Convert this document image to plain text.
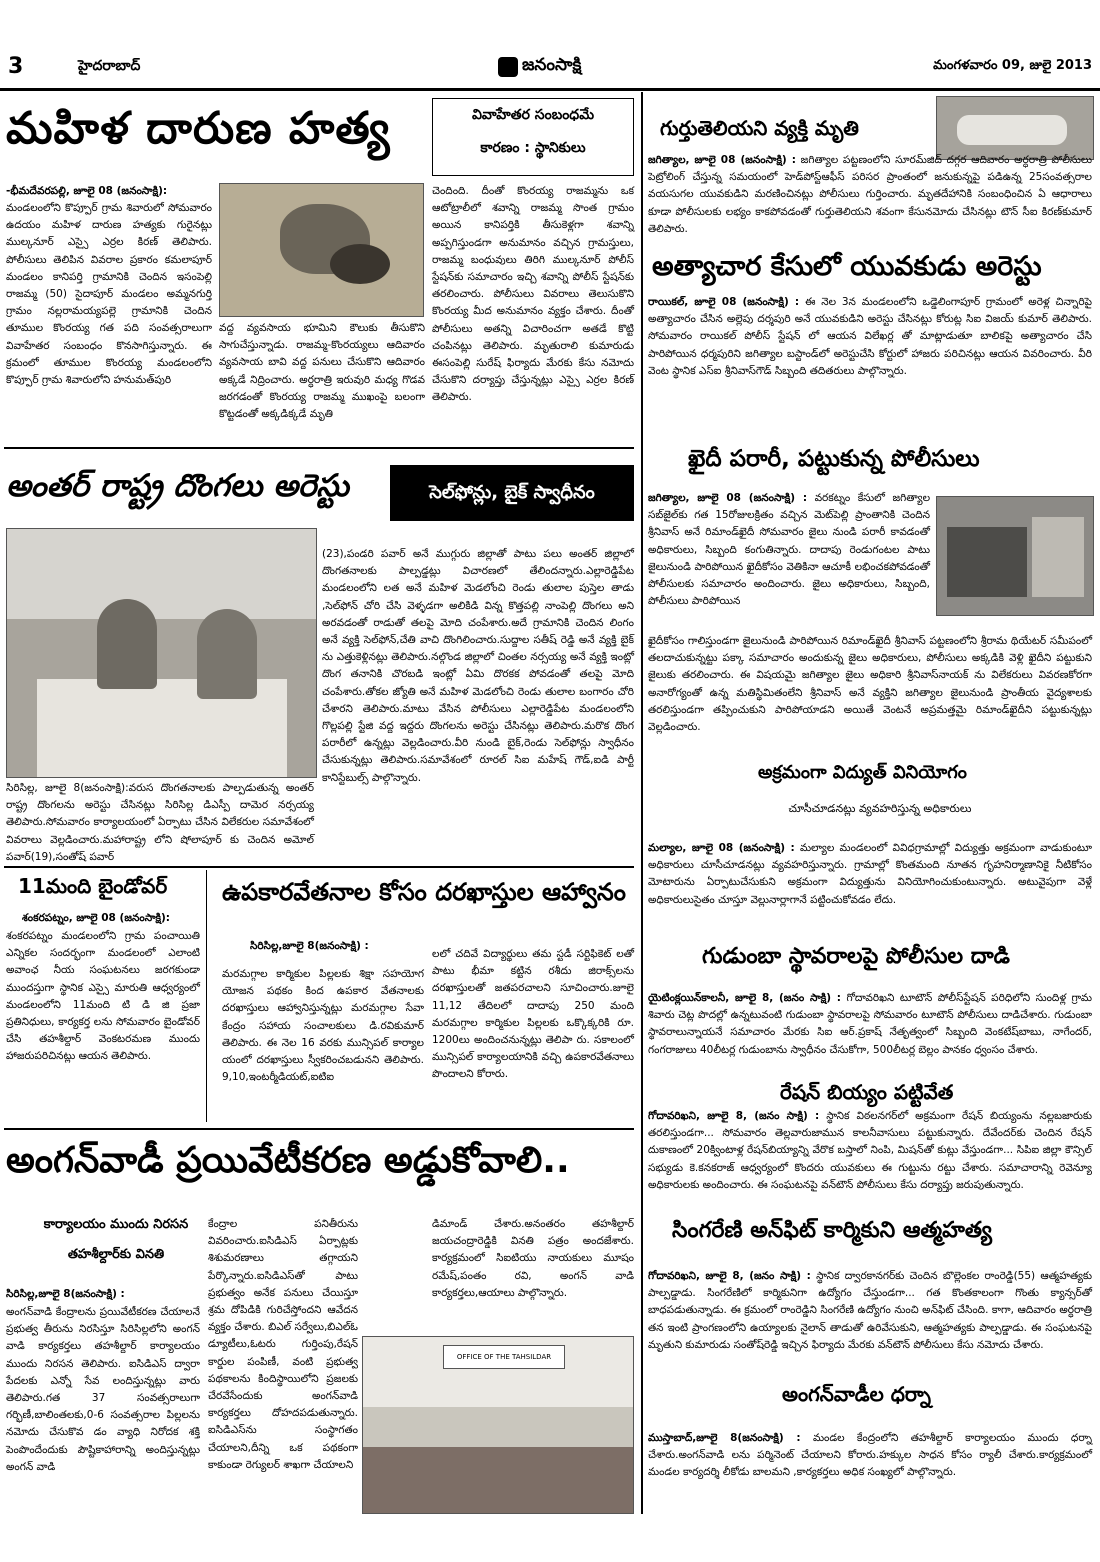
3	హైదరాబాద్	జనంసాక్షి	మంగళవారం 09, జులై 2013
మహిళ దారుణ హత్య	వివాహేతర సంబంధమే
కారణం : స్థానికులు
-భీమదేవరపల్లి, జూలై 08 (జనంసాక్షి):
మండలంలోని కొప్పూర్ గ్రామ శివారులో సోమవారం ఉదయం మహిళ దారుణ హత్యకు గురైనట్లు ముల్కనూర్ ఎస్సై ఎర్రల కిరణ్ తెలిపారు. పోలీసులు తెలిపిన వివరాల ప్రకారం కమలాపూర్ మండలం కానిపర్తి గ్రామానికి చెందిన ఇసంపెల్లి రాజమ్మ (50) సైదాపూర్ మండలం అమ్మనగుర్తి గ్రామం నల్లరామయ్యపల్లె గ్రామానికి చెందిన తూముల కొంరయ్య గత పది సంవత్సరాలుగా వివాహేతర సంబంధం కొనసాగిస్తున్నారు. ఈ క్రమంలో తూముల కొంరయ్య మండలంలోని కొప్పూర్ గ్రామ శివారులోని హనుమత్‌పురి
వద్ద వ్యవసాయ భూమిని కౌలుకు తీసుకొని సాగుచేస్తున్నాడు. రాజమ్మ-కొంరయ్యలు ఆదివారం వ్యవసాయ బావి వద్ద పనులు చేసుకొని ఆదివారం అక్కడే నిద్రించారు. అర్ధరాత్రి ఇరువురి మధ్య గొడవ జరగడంతో కొంరయ్య రాజమ్మ ముఖంపై బలంగా కొట్టడంతో అక్కడిక్కడే మృతి
చెందింది. దీంతో కొంరయ్య రాజమ్మను ఒక ఆటోట్రాలీలో శవాన్ని రాజమ్మ సొంత గ్రామం అయిన కానిపర్తికి తీసుకెళ్లగా శవాన్ని అప్పగిస్తుండగా అనుమానం వచ్చిన గ్రామస్తులు, రాజమ్మ బంధువులు తిరిగి ముల్కనూర్ పోలీస్ స్టేషన్‌కు సమాచారం ఇచ్చి శవాన్ని పోలీస్ స్టేషన్‌కు తరలించారు. పోలీసులు వివరాలు తెలుసుకొని కొంరయ్య మీద అనుమానం వ్యక్తం చేశారు. దీంతో పోలీసులు అతన్ని విచారించగా అతడే కొట్టి చంపినట్లు తెలిపారు. మృతురాలి కుమారుడు ఈసంపెల్లి సురేష్ ఫిర్యాదు మేరకు కేసు నమోదు చేసుకొని దర్యాప్తు చేస్తున్నట్లు ఎస్సై ఎర్రల కిరణ్ తెలిపారు.
అంతర్ రాష్ట్ర దొంగలు అరెస్టు	సెల్‌ఫోన్లు, బైక్ స్వాధీనం
(23),పండరి పవార్ అనే ముగ్గురు జిల్లాతో పాటు పలు అంతర్ జిల్లాలో దొంగతనాలకు పాల్పడ్డట్లు విచారణలో తేలిందన్నారు.ఎల్లారెడ్డిపేట మండలంలోని లత అనే మహిళ మెడలోంచి రెండు తులాల పుస్తెల తాడు ,సెల్‌ఫోన్ చోరి చేసి వెళ్ళడగా అలికిడి విన్న కొత్తపల్లి నాంపెల్లి దొంగలు అని అరవడంతో రాడుతో తలపై మోది చంపేశారు.అదే గ్రామానికి చెందిన లింగం అనే వ్యక్తి సెల్‌ఫోన్,చేతి వాచి దొంగిలించారు.సుద్దాల సతీష్ రెడ్డి అనే వ్యక్తి బైక్ ను ఎత్తుకెళ్లినట్లు తెలిపారు.నల్గొండ జిల్లాలో చింతల నర్సయ్య అనే వ్యక్తి ఇంట్లో దొంగ తనానికి చొరబడి ఇంట్లో ఏమి దొరకక పోవడంతో తలపై మోది చంపేశారు.తోకల జ్యోతి అనే మహిళ మెడలోంచి రెండు తులాల బంగారం చోరి చేశారని తెలిపారు.మాటు వేసిన పోలీసులు ఎల్లారెడ్డిపేట మండలంలోని గొల్లపల్లి స్టేజి వద్ద ఇద్దరు దొంగలను అరెస్టు చేసినట్లు తెలిపారు.మరొక దొంగ పరారీలో ఉన్నట్లు వెల్లడించారు.వీరి నుండి బైక్,రెండు సెల్‌ఫోన్లు స్వాధీనం చేసుకున్నట్లు తెలిపారు.సమావేశంలో రూరల్ సిఐ మహేష్ గౌడ్,ఐడి పార్టీ కానిస్టేబుల్స్ పాల్గొన్నారు.
సిరిసిల్ల, జూలై 8(జనంసాక్షి):వరుస దొంగతనాలకు పాల్పడుతున్న అంతర్ రాష్ట్ర దొంగలను అరెస్టు చేసినట్లు సిరిసిల్ల డిఎస్పీ దామెర నర్సయ్య తెలిపారు.సోమవారం కార్యాలయంలో ఏర్పాటు చేసిన విలేకరుల సమావేశంలో వివరాలు వెల్లడించారు.మహారాష్ట్ర లోని షోలాపూర్ కు చెందిన అమోల్ పవార్(19),సంతోష్ పవార్
11మంది బైండోవర్
శంకరపట్నం, జూలై 08 (జనంసాక్షి):
శంకరపట్నం మండలంలోని గ్రామ పంచాయితి ఎన్నికల సందర్భంగా మండలంలో ఎలాంటి అవాంఛ నీయ సంఘటనలు జరగకుండా ముందస్తుగా స్థానిక ఎస్సై మారుతి ఆధ్వర్యంలో మండలంలోని 11మంది టి డి జి ప్రజా ప్రతినిధులు, కార్యకర్త లను సోమవారం బైండోవర్ చేసి తహశీల్దార్ వెంకటరమణ ముందు హాజరుపరిచినట్లు ఆయన తెలిపారు.
ఉపకారవేతనాల కోసం దరఖాస్తుల ఆహ్వానం
సిరిసిల్ల,జూలై 8(జనంసాక్షి) :
మరమగ్గాల కార్మికుల పిల్లలకు శిక్షా సహయోగ యోజన పథకం కింద ఉపకార వేతనాలకు దరఖాస్తులు ఆహ్వానిస్తున్నట్లు మరమగ్గాల సేవా కేంద్రం సహాయ సంచాలకులు డి.రవికుమార్ తెలిపారు. ఈ నెల 16 వరకు మున్సిపల్ కార్యాల యంలో దరఖాస్తులు స్వీకరించబడునని తెలిపారు. 9,10,ఇంటర్మీడియట్,ఐటిఐ
లలో చదివే విద్యార్థులు తమ స్టడీ సర్టిఫికెట్ లతో పాటు భీమా కట్టిన రశీదు జిరాక్స్‌లను దరఖాస్తులతో జతపరచాలని సూచించారు.జూలై 11,12 తేదిలలో దాదాపు 250 మంది మరమగ్గాల కార్మికుల పిల్లలకు ఒక్కొక్కరికి రూ. 1200లు అందించనున్నట్లు తెలిపా రు. సకాలంలో మున్సిపల్ కార్యాలయానికి వచ్చి ఉపకారవేతనాలు పొందాలని కోరారు.
అంగన్‌వాడీ ప్రయివేటీకరణ అడ్డుకోవాలి..
కార్యాలయం ముందు నిరసన
తహశీల్దార్‌కు వినతి
సిరిసిల్ల,జూలై 8(జనంసాక్షి) :
అంగన్‌వాడి కేంద్రాలను ప్రయివేటీకరణ చేయాలనే ప్రభుత్వ తీరును నిరసిస్తూ సిరిసిల్లలోని అంగన్ వాడి కార్యకర్తలు తహశీల్దార్ కార్యాలయం ముందు నిరసన తెలిపారు. ఐసిడిఎస్ ద్వారా పేదలకు ఎన్నో సేవ లందిస్తున్నట్లు వారు తెలిపారు.గత 37 సంవత్సరాలుగా గర్భిణీ,బాలింతలకు,0-6 సంవత్సరాల పిల్లలను నమోదు చేసుకొవ డం వ్యాధి నిరోదక శక్తి పెంపొందేందుకు పౌష్టికాహారాన్ని అందిస్తున్నట్లు అంగన్ వాడి
కేంద్రాల పనితీరును వివరించారు.ఐసిడిఎస్ ఏర్పాట్లకు శిశుమరణాలు తగ్గాయని పేర్కొన్నారు.ఐసిడిఎస్‌తో పాటు ప్రభుత్వం అనేక పనులు చేయిస్తూ శ్రమ దోపిడికి గురిచేస్తోందని ఆవేదన వ్యక్తం చేశారు. బిఎల్ సర్వేలు,బిఎల్‌ఓ డ్యూటీలు,ఓటరు గుర్తింపు,రేషన్ కార్డుల పంపిణీ, వంటి ప్రభుత్వ పథకాలను కిందిస్థాయిలోని ప్రజలకు చేరవేసేందుకు అంగన్‌వాడి కార్యకర్తలు దోహదపడుతున్నారు. ఐసిడిఎస్‌ను సంస్థాగతం చేయాలని,దీన్ని ఒక పథకంగా కాకుండా రెగ్యులర్ శాఖగా చేయాలని
డిమాండ్ చేశారు.అనంతరం తహశీల్దార్ జయచంద్రారెడ్డికి వినతి పత్రం అందజేశారు. కార్యక్రమంలో సిఐటియు నాయకులు మూషం రమేష్,పంతం రవి, అంగన్ వాడి కార్యకర్తలు,ఆయాలు పాల్గొన్నారు.
OFFICE OF THE TAHSILDAR
గుర్తుతెలియని వ్యక్తి మృతి
జగిత్యాల, జూలై 08 (జనంసాక్షి) : జగిత్యాల పట్టణంలోని సూరమ్‌జిద్ దగ్గర ఆదివారం అర్ధరాత్రి పోలీసులు పెట్రోలింగ్ చేస్తున్న సమయంలో హెడ్‌పోస్ట్‌ఆఫీస్ పరిసర ప్రాంతంలో జనుకున్నపై పడిఉన్న 25సంవత్సరాల వయసుగల యువకుడిని మరణించినట్లు పోలీసులు గుర్తించారు. మృతదేహానికి సంబంధించిన ఏ ఆధారాలు కూడా పోలీసులకు లభ్యం కాకపోవడంతో గుర్తుతెలియని శవంగా కేసునమోదు చేసినట్లు టౌన్ సీఐ కిరణ్‌కుమార్ తెలిపారు.
అత్యాచార కేసులో యువకుడు అరెస్టు
రాయికల్, జూలై 08 (జనంసాక్షి) : ఈ నెల 3న మండలంలోని ఒడ్డెలింగాపూర్ గ్రామంలో అరెళ్ల చిన్నారిపై అత్యాచారం చేసిన అల్లెపు దర్శపురి అనే యువకుడిని అరెస్టు చేసినట్లు కోరుట్ల సిఐ విజయ్ కుమార్ తెలిపారు. సోమవారం రాయికల్ పోలీస్ స్టేషన్ లో ఆయన విలేఖర్ల తో మాట్లాడుతూ బాలికపై అత్యాచారం చేసి పారిపోయిన ధర్మపురిని జగిత్యాల బస్టాండ్‌లో అరెస్టుచేసి కోర్టులో హాజరు పరిచినట్లు ఆయన వివరించారు. వీరి వెంట స్థానిక ఎస్ఐ శ్రీనివాస్‌గౌడ్ సిబ్బంది తదితరులు పాల్గొన్నారు.
ఖైదీ పరారీ, పట్టుకున్న పోలీసులు
జగిత్యాల, జూలై 08 (జనంసాక్షి) : వరకట్నం కేసులో జగిత్యాల సబ్‌జైల్‌కు గత 15రోజులక్రితం వచ్చిన మెట్‌పెల్లి ప్రాంతానికి చెందిన శ్రీనివాస్ అనే రిమాండ్‌ఖైదీ సోమవారం జైలు నుండి పరారీ కావడంతో అధికారులు, సిబ్బంది కంగుతిన్నారు. దాదాపు రెండుగంటల పాటు జైలునుండి పారిపోయిన ఖైదీకోసం వెతికినా ఆచూకీ లభించకపోవడంతో పోలీసులకు సమాచారం అందించారు. జైలు అధికారులు, సిబ్బంది, పోలీసులు పారిపోయిన
ఖైదీకోసం గాలిస్తుండగా జైలునుండి పారిపోయిన రిమాండ్‌ఖైదీ శ్రీనివాస్ పట్టణంలోని శ్రీరామ థియేటర్ సమీపంలో తలదాచుకున్నట్టు పక్కా సమాచారం అందుకున్న జైలు అధికారులు, పోలీసులు అక్కడికి వెళ్లి ఖైదీని పట్టుకుని జైలుకు తరలించారు. ఈ విషయమై జగిత్యాల జైలు అధికారి శ్రీనివాస్‌నాయక్ ను విలేకరులు వివరణకోరగా అనారోగ్యంతో ఉన్న మతిస్థిమితంలేని శ్రీనివాస్ అనే వ్యక్తిని జగిత్యాల జైలునుండి ప్రాంతీయ వైద్యశాలకు తరలిస్తుండగా తప్పించుకుని పారిపోయాడని అయితే వెంటనే అప్రమత్తమై రిమాండ్‌ఖైదీని పట్టుకున్నట్లు వెల్లడించారు.
అక్రమంగా విద్యుత్ వినియోగం
చూసీచూడనట్లు వ్యవహరిస్తున్న అధికారులు
మల్యాల, జూలై 08 (జనంసాక్షి) : మల్యాల మండలంలో వివిధగ్రామాల్లో విద్యుత్తు అక్రమంగా వాడుకుంటూ అధికారులు చూసీచూడనట్లు వ్యవహరిస్తున్నారు. గ్రామాల్లో కొంతమంది నూతన గృహనిర్మాణానికై నీటికోసం మోటారును ఏర్పాటుచేసుకుని అక్రమంగా విద్యుత్తును వినియోగించుకుంటున్నారు. అటువైపుగా వెళ్లే అధికారులుసైతం చూస్తూ వెల్లునార్లాగానే పట్టించుకోవడం లేదు.
గుడుంబా స్థావరాలపై పోలీసుల దాడి
యైటింక్లయిన్‌కాలనీ, జూలై 8, (జనం సాక్షి) : గోదావరిఖని టూటౌన్ పోలీస్‌స్టేషన్ పరిధిలోని సుందిళ్ల గ్రామ శివారు చెట్ల పొదల్లో ఉన్నటువంటి గుడుంబా స్థావరాలపై సోమవారం టూటౌన్ పోలీసులు దాడిచేశారు. గుడుంబా స్థావరాలున్నాయనే సమాచారం మేరకు సిఐ ఆర్.ప్రకాష్ నేతృత్వంలో సిబ్బంది వెంకటేష్‌బాబు, నాగేందర్, గంగరాజులు 40లీటర్ల గుడుంబాను స్వాధీనం చేసుకోగా, 500లీటర్ల బెల్లం పానకం ధ్వంసం చేశారు.
రేషన్ బియ్యం పట్టివేత
గోదావరిఖని, జూలై 8, (జనం సాక్షి) : స్థానిక విఠలనగర్‌లో అక్రమంగా రేషన్ బియ్యంను నల్లబజారుకు తరలిస్తుండగా... సోమవారం తెల్లవారుజామున కాలనీవాసులు పట్టుకున్నారు. దేవేందర్‌కు చెందిన రేషన్ దుకాణంలో 20క్వింటాళ్ల రేషన్‌బియ్యాన్ని వేరొక బస్తాలో నింపి, మిషన్‌తో కుట్లు వేస్తుండగా... సిపిఐ జిల్లా కౌన్సిల్ సభ్యుడు కె.కనకరాజ్ ఆధ్వర్యంలో కొందరు యువకులు ఈ గుట్టును రట్టు చేశారు. సమాచారాన్ని రెవెన్యూ అధికారులకు అందించారు. ఈ సంఘటనపై వన్‌టౌన్ పోలీసులు కేసు దర్యాప్తు జరుపుతున్నారు.
సింగరేణి అన్‌ఫిట్ కార్మికుని ఆత్మహత్య
గోదావరిఖని, జూలై 8, (జనం సాక్షి) : స్థానిక ద్వారకానగర్‌కు చెందిన బొల్లెంకల రాంరెడ్డి(55) ఆత్మహత్యకు పాల్పడ్డాడు. సింగరేణిలో కార్మికునిగా ఉద్యోగం చేస్తుండగా... గత కొంతకాలంగా గొంతు క్యాన్సర్‌తో బాధపడుతున్నాడు. ఈ క్రమంలో రాంరెడ్డిని సింగరేణి ఉద్యోగం నుంచి అన్‌ఫిట్ చేసింది. కాగా, ఆదివారం అర్ధరాత్రి తన ఇంటి ప్రాంగణంలోని ఉయ్యాలకు నైలాన్ తాడుతో ఉరివేసుకుని, ఆత్మహత్యకు పాల్పడ్డాడు. ఈ సంఘటనపై మృతుని కుమారుడు సంతోష్‌రెడ్డి ఇచ్చిన ఫిర్యాదు మేరకు వన్‌టౌన్ పోలీసులు కేసు నమోదు చేశారు.
అంగన్‌వాడీల ధర్నా
ముస్తాబాద్,జూలై 8(జనంసాక్షి) : మండల కేంద్రంలోని తహశీల్దార్ కార్యాలయం ముందు ధర్నా చేశారు.అంగన్‌వాడి లను పర్మినెంట్ చేయాలని కోరారు.హక్కుల సాధన కోసం ర్యాలీ చేశారు.కార్యక్రమంలో మండల కార్యదర్శి లీకోడు బాలమని ,కార్యకర్తలు అధిక సంఖ్యలో పాల్గొన్నారు.
